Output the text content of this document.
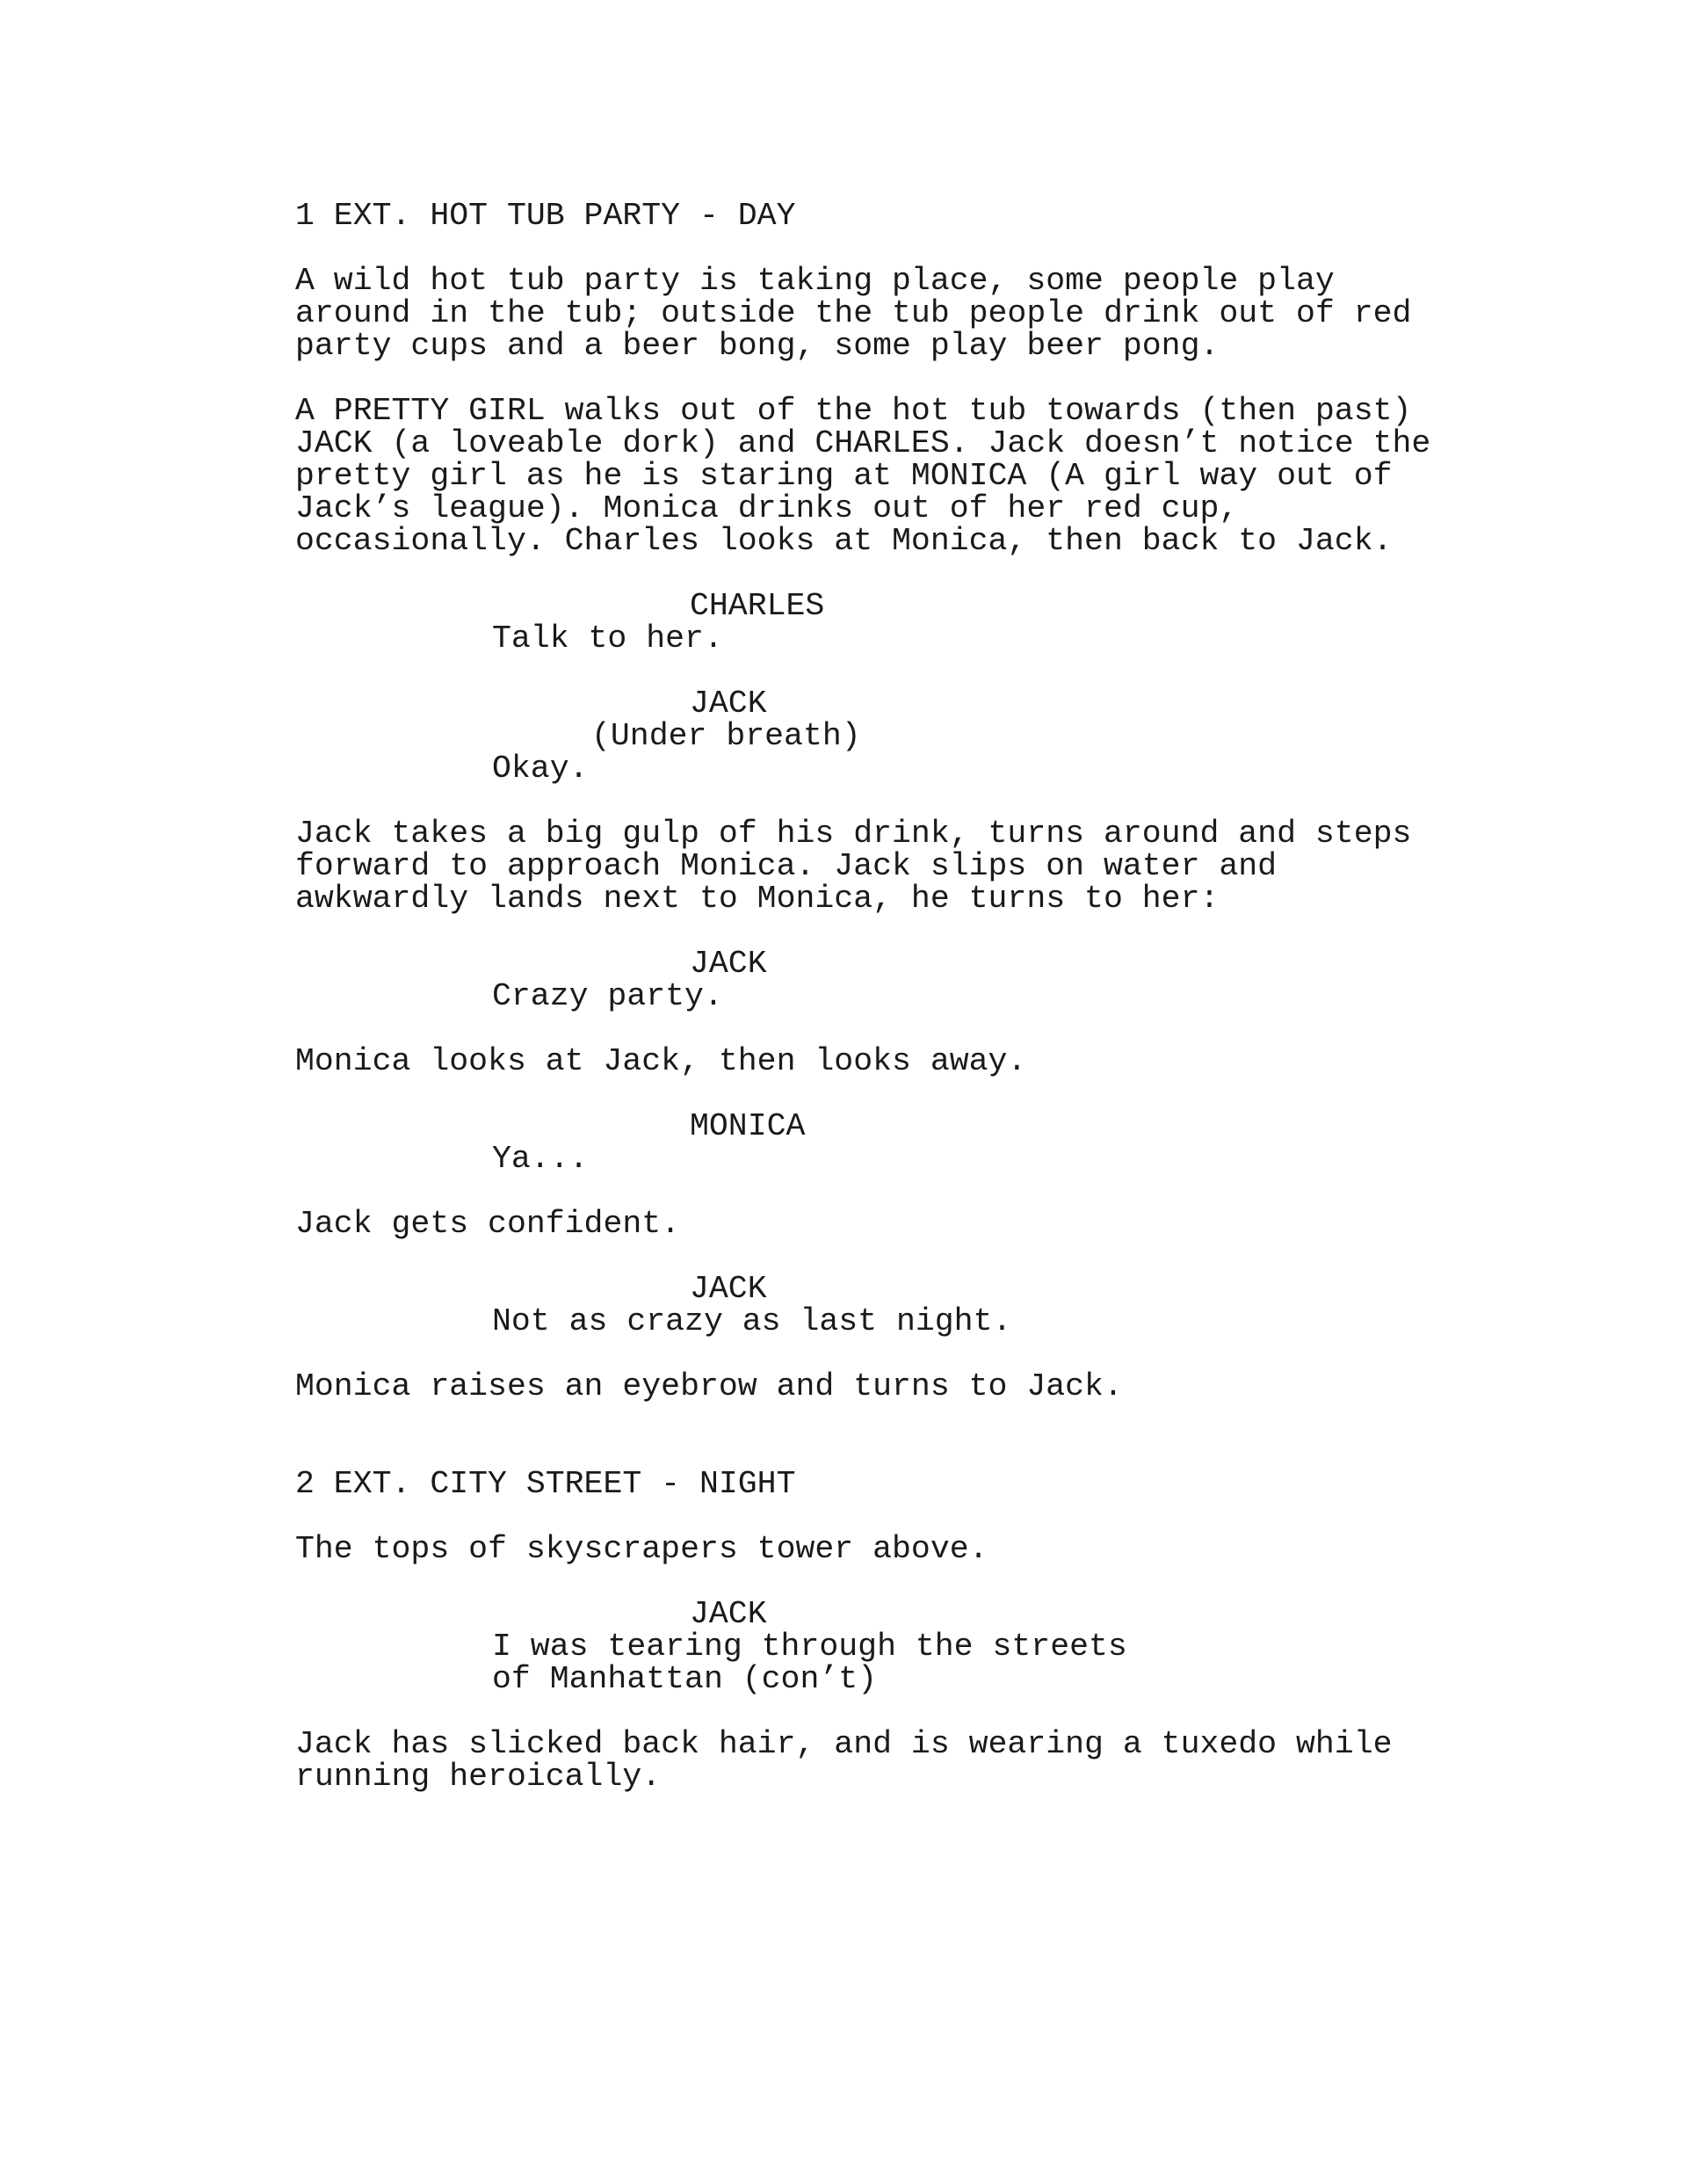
1 EXT. HOT TUB PARTY - DAY
A wild hot tub party is taking place, some people play
around in the tub; outside the tub people drink out of red
party cups and a beer bong, some play beer pong.
A PRETTY GIRL walks out of the hot tub towards (then past)
JACK (a loveable dork) and CHARLES. Jack doesn’t notice the
pretty girl as he is staring at MONICA (A girl way out of
Jack’s league). Monica drinks out of her red cup,
occasionally. Charles looks at Monica, then back to Jack.
CHARLES
Talk to her.
JACK
(Under breath)
Okay.
Jack takes a big gulp of his drink, turns around and steps
forward to approach Monica. Jack slips on water and
awkwardly lands next to Monica, he turns to her:
JACK
Crazy party.
Monica looks at Jack, then looks away.
MONICA
Ya...
Jack gets confident.
JACK
Not as crazy as last night.
Monica raises an eyebrow and turns to Jack.
2 EXT. CITY STREET - NIGHT
The tops of skyscrapers tower above.
JACK
I was tearing through the streets
of Manhattan (con’t)
Jack has slicked back hair, and is wearing a tuxedo while
running heroically.
